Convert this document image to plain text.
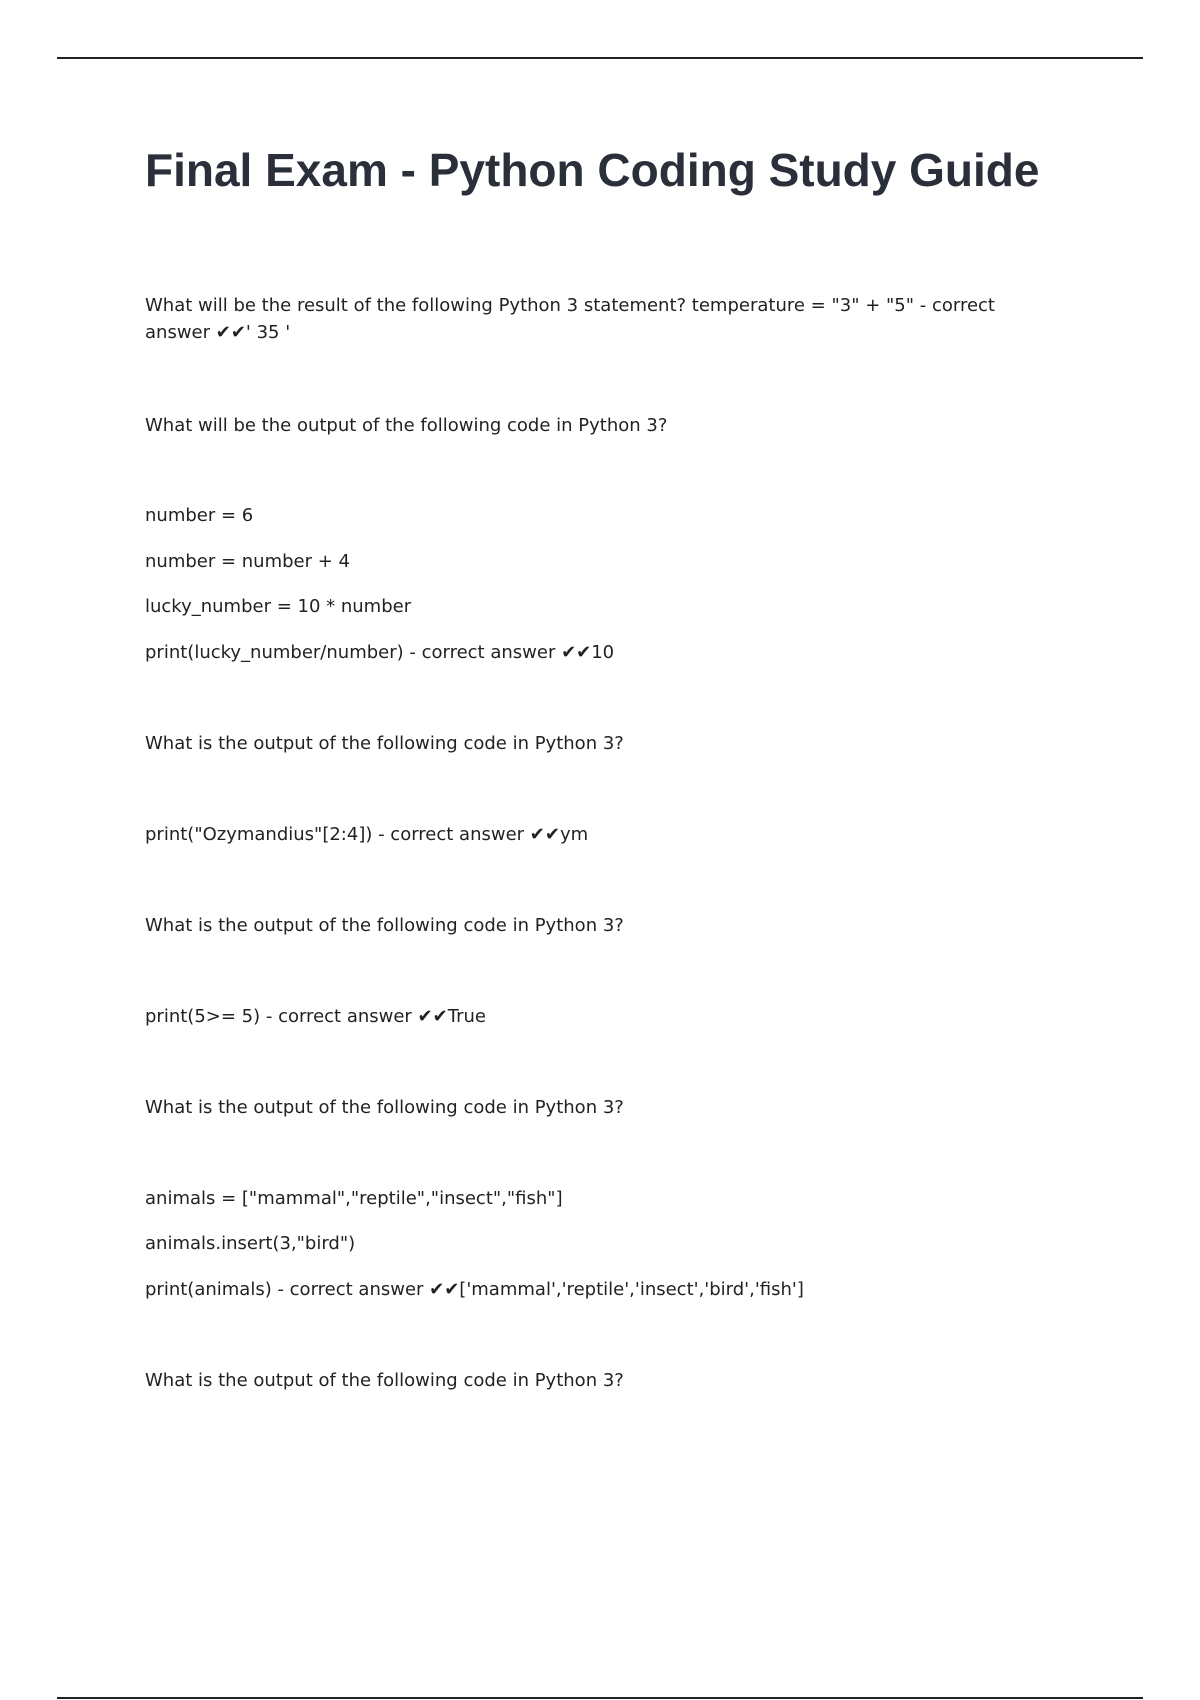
Final Exam - Python Coding Study Guide

What will be the result of the following Python 3 statement? temperature = "3" + "5" - correct answer ✔✔' 35 '

What will be the output of the following code in Python 3?

number = 6

number = number + 4

lucky_number = 10 * number

print(lucky_number/number) - correct answer ✔✔10

What is the output of the following code in Python 3?

print("Ozymandius"[2:4]) - correct answer ✔✔ym

What is the output of the following code in Python 3?

print(5>= 5) - correct answer ✔✔True

What is the output of the following code in Python 3?

animals = ["mammal","reptile","insect","fish"]

animals.insert(3,"bird")

print(animals) - correct answer ✔✔['mammal','reptile','insect','bird','fish']

What is the output of the following code in Python 3?
